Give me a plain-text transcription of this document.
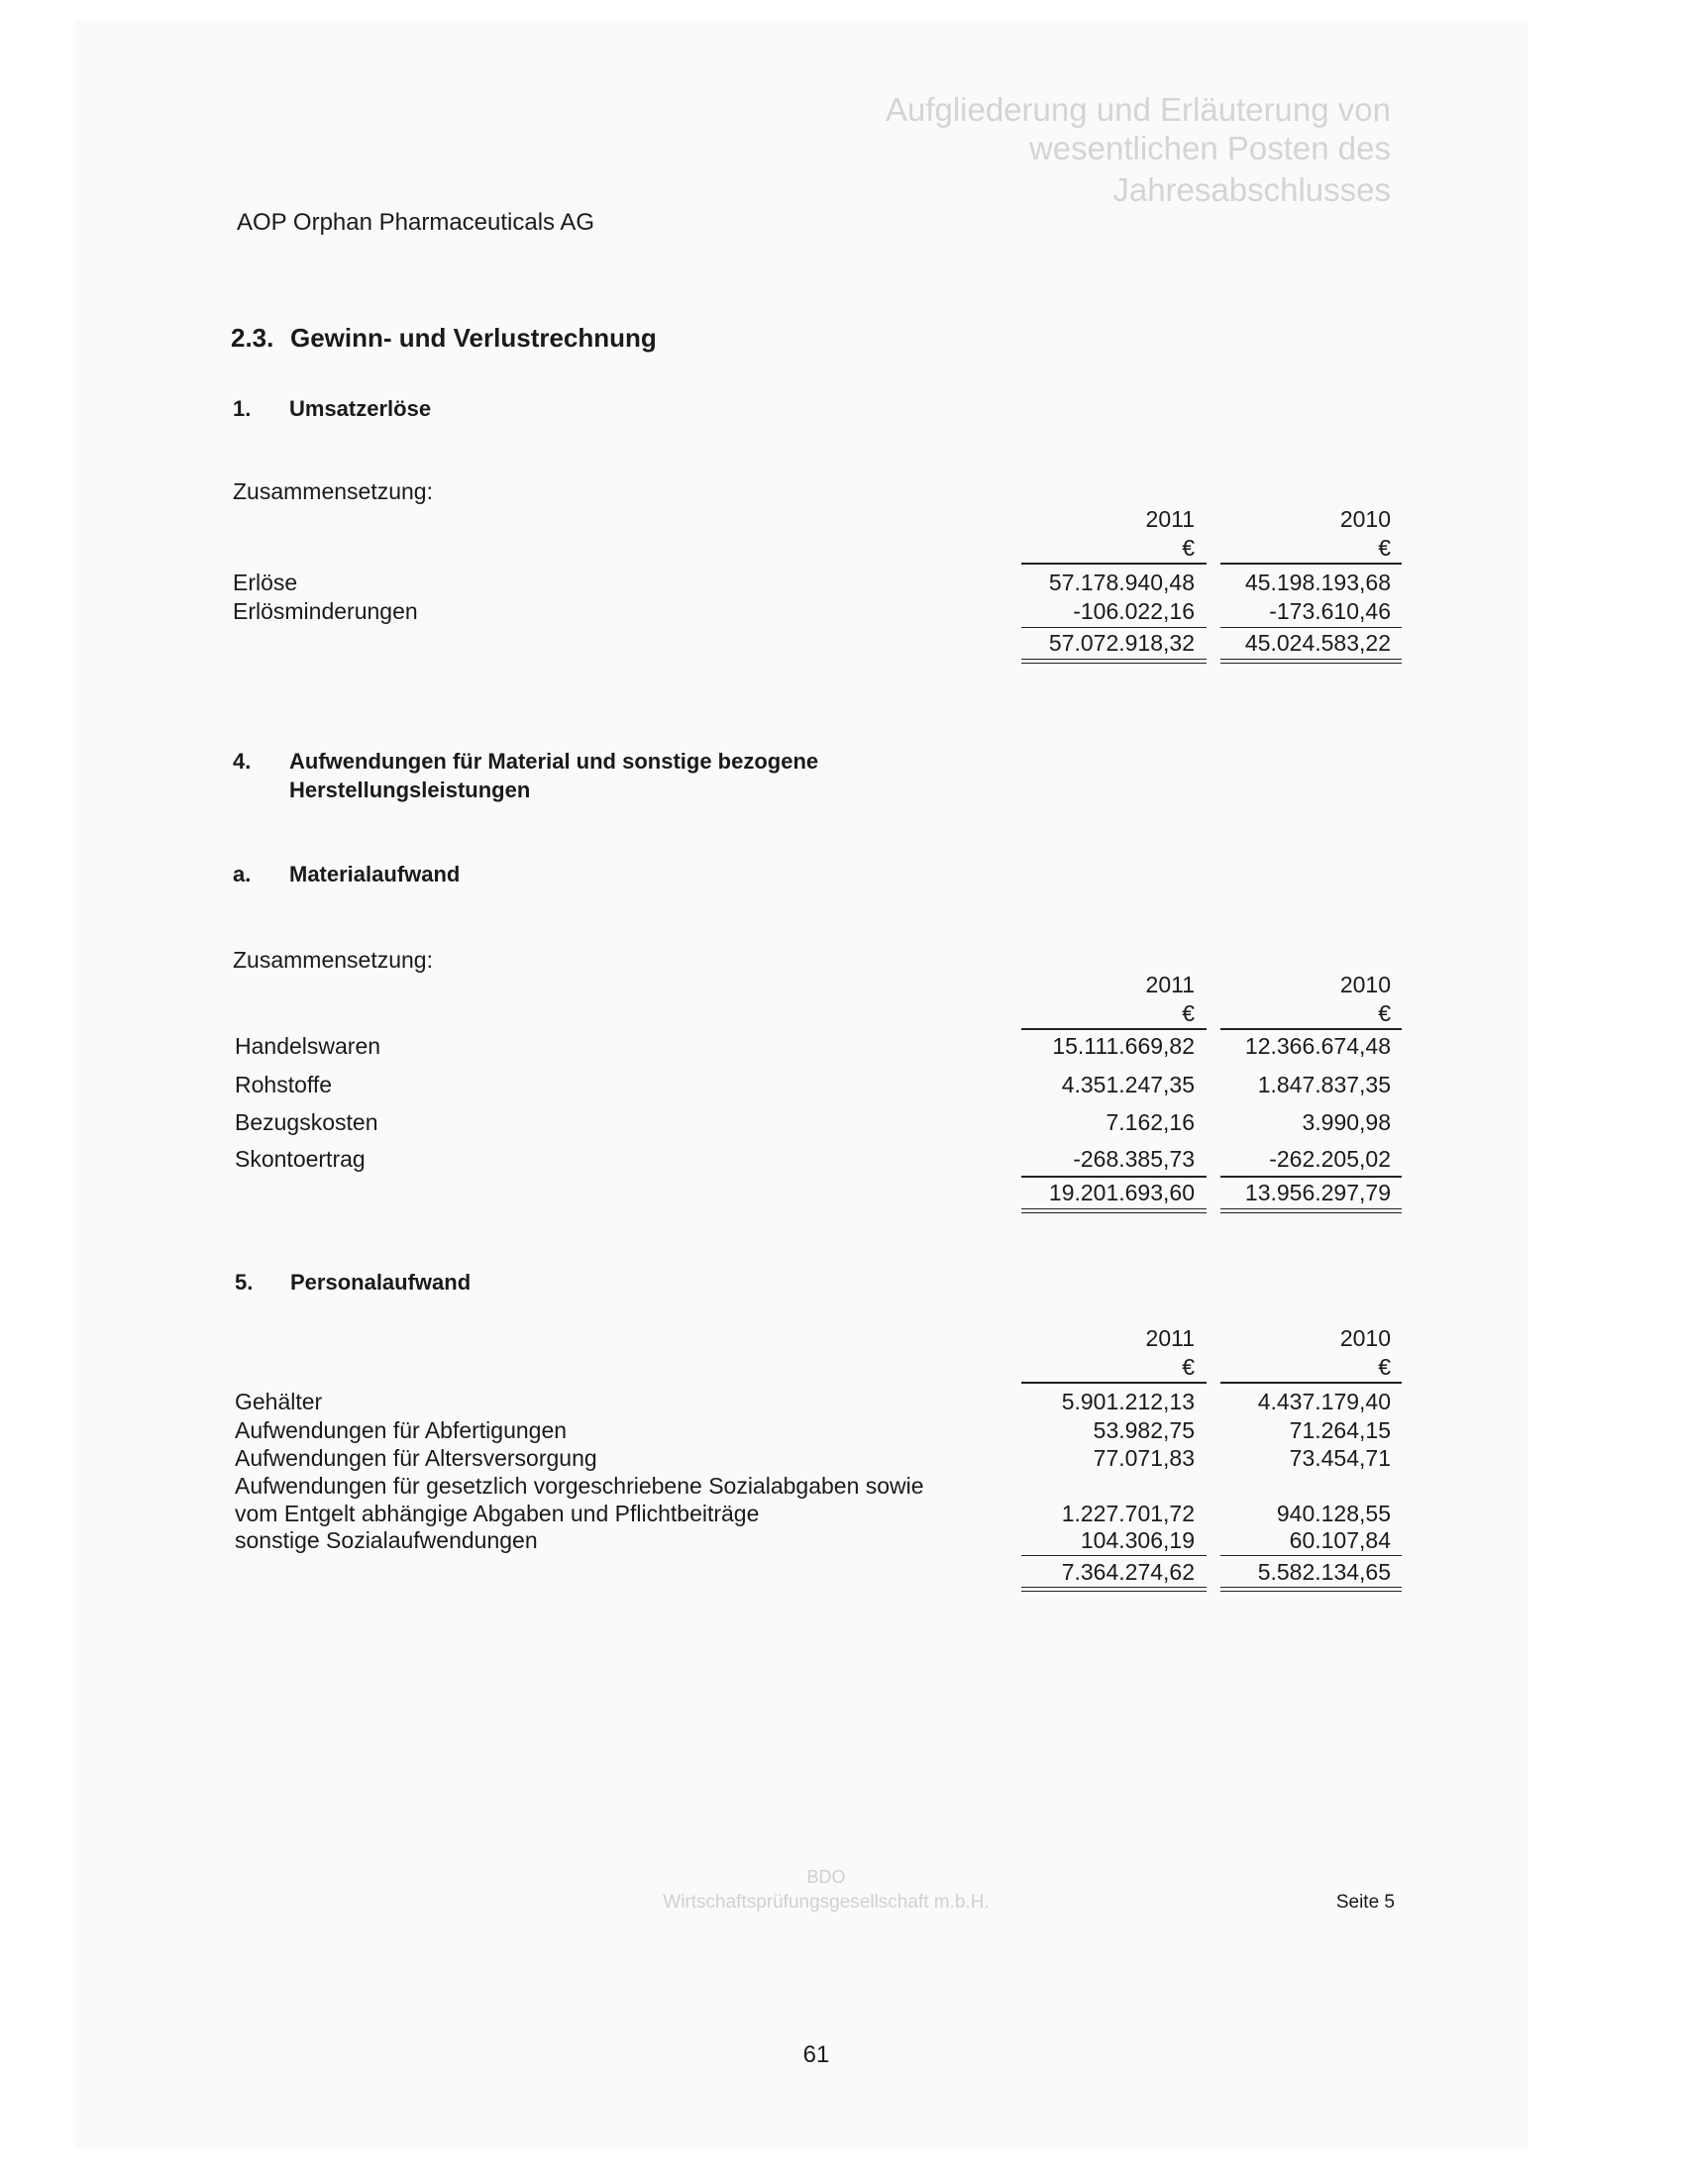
Aufgliederung und Erläuterung von
wesentlichen Posten des
Jahresabschlusses
AOP Orphan Pharmaceuticals AG
2.3. Gewinn- und Verlustrechnung
1. Umsatzerlöse
Zusammensetzung:
2011	2010
€	€
Erlöse	57.178.940,48	45.198.193,68
Erlösminderungen	-106.022,16	-173.610,46
57.072.918,32	45.024.583,22
4. Aufwendungen für Material und sonstige bezogene
Herstellungsleistungen
a. Materialaufwand
Zusammensetzung:
2011	2010
€	€
Handelswaren	15.111.669,82	12.366.674,48
Rohstoffe	4.351.247,35	1.847.837,35
Bezugskosten	7.162,16	3.990,98
Skontoertrag	-268.385,73	-262.205,02
19.201.693,60	13.956.297,79
5. Personalaufwand
2011	2010
€	€
Gehälter	5.901.212,13	4.437.179,40
Aufwendungen für Abfertigungen	53.982,75	71.264,15
Aufwendungen für Altersversorgung	77.071,83	73.454,71
Aufwendungen für gesetzlich vorgeschriebene Sozialabgaben sowie
vom Entgelt abhängige Abgaben und Pflichtbeiträge	1.227.701,72	940.128,55
sonstige Sozialaufwendungen	104.306,19	60.107,84
7.364.274,62	5.582.134,65
BDO
Wirtschaftsprüfungsgesellschaft m.b.H.	Seite 5
61
